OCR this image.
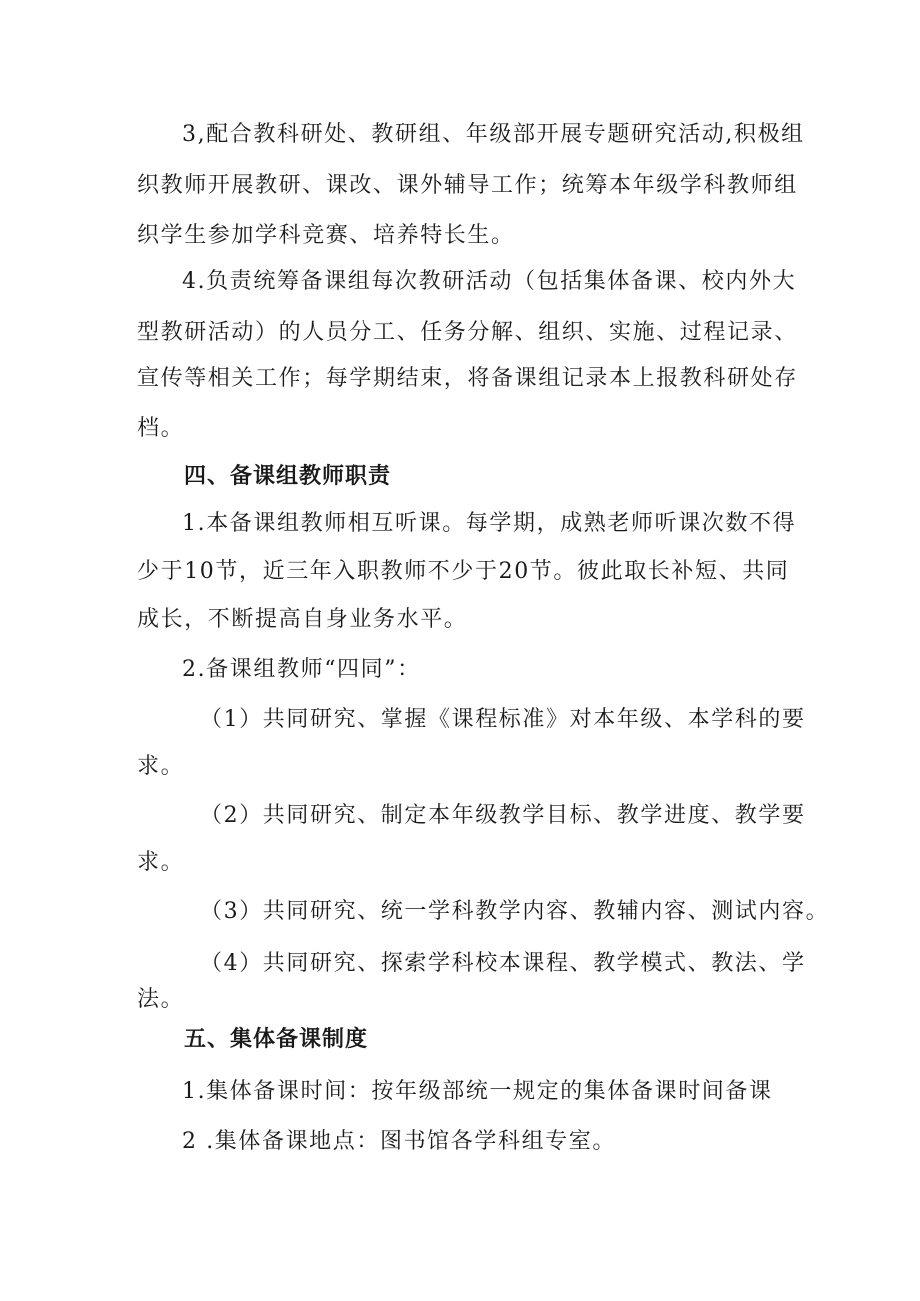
3,配合教科研处、教研组、年级部开展专题研究活动,积极组
织教师开展教研、课改、课外辅导工作；统筹本年级学科教师组
织学生参加学科竞赛、培养特长生。
4.负责统筹备课组每次教研活动（包括集体备课、校内外大
型教研活动）的人员分工、任务分解、组织、实施、过程记录、
宣传等相关工作；每学期结束，将备课组记录本上报教科研处存
档。
四、备课组教师职责
1.本备课组教师相互听课。每学期，成熟老师听课次数不得
少于10节，近三年入职教师不少于20节。彼此取长补短、共同
成长，不断提高自身业务水平。
2.备课组教师“四同”：
（1）共同研究、掌握《课程标准》对本年级、本学科的要
求。
（2）共同研究、制定本年级教学目标、教学进度、教学要
求。
（3）共同研究、统一学科教学内容、教辅内容、测试内容。
（4）共同研究、探索学科校本课程、教学模式、教法、学
法。
五、集体备课制度
1.集体备课时间：按年级部统一规定的集体备课时间备课
2 .集体备课地点：图书馆各学科组专室。
